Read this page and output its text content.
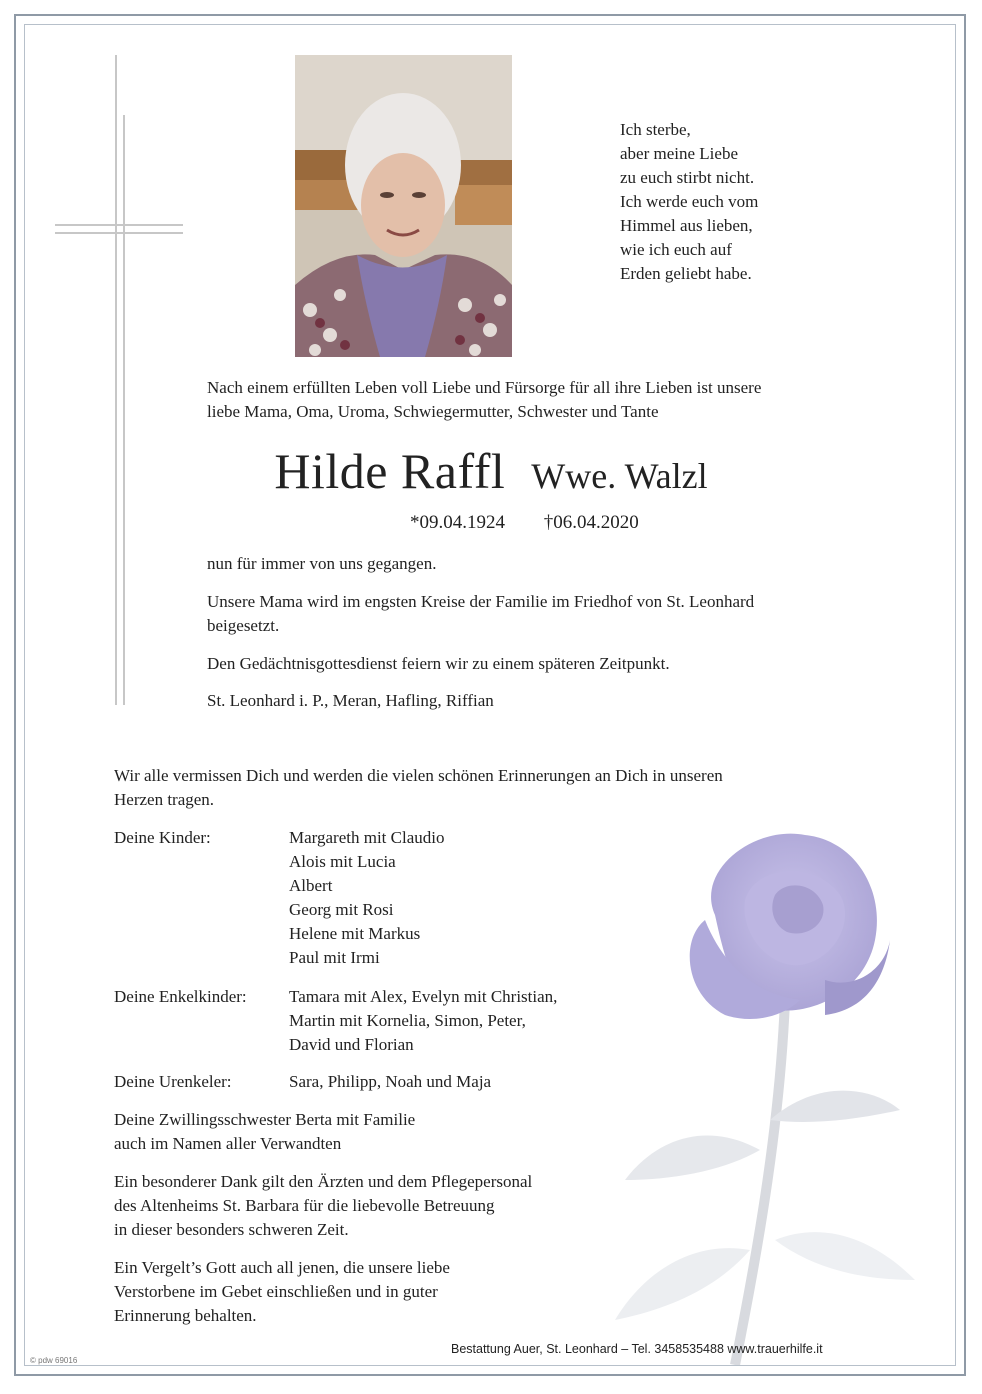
Ich sterbe,
aber meine Liebe
zu euch stirbt nicht.
Ich werde euch vom
Himmel aus lieben,
wie ich euch auf
Erden geliebt habe.
Nach einem erfüllten Leben voll Liebe und Fürsorge für all ihre Lieben ist unsere
liebe Mama, Oma, Uroma, Schwiegermutter, Schwester und Tante
Hilde Raffl Wwe. Walzl
*09.04.1924 †06.04.2020
nun für immer von uns gegangen.
Unsere Mama wird im engsten Kreise der Familie im Friedhof von St. Leonhard
beigesetzt.
Den Gedächtnisgottesdienst feiern wir zu einem späteren Zeitpunkt.
St. Leonhard i. P., Meran, Hafling, Riffian
Wir alle vermissen Dich und werden die vielen schönen Erinnerungen an Dich in unseren
Herzen tragen.
Deine Kinder:	Margareth mit Claudio
Alois mit Lucia
Albert
Georg mit Rosi
Helene mit Markus
Paul mit Irmi
Deine Enkelkinder: Tamara mit Alex, Evelyn mit Christian,
Martin mit Kornelia, Simon, Peter,
David und Florian
Deine Urenkeler:	Sara, Philipp, Noah und Maja
Deine Zwillingsschwester Berta mit Familie
auch im Namen aller Verwandten
Ein besonderer Dank gilt den Ärzten und dem Pflegepersonal
des Altenheims St. Barbara für die liebevolle Betreuung
in dieser besonders schweren Zeit.
Ein Vergelt’s Gott auch all jenen, die unsere liebe
Verstorbene im Gebet einschließen und in guter
Erinnerung behalten.
Bestattung Auer, St. Leonhard – Tel. 3458535488 www.trauerhilfe.it
© pdw 69016
